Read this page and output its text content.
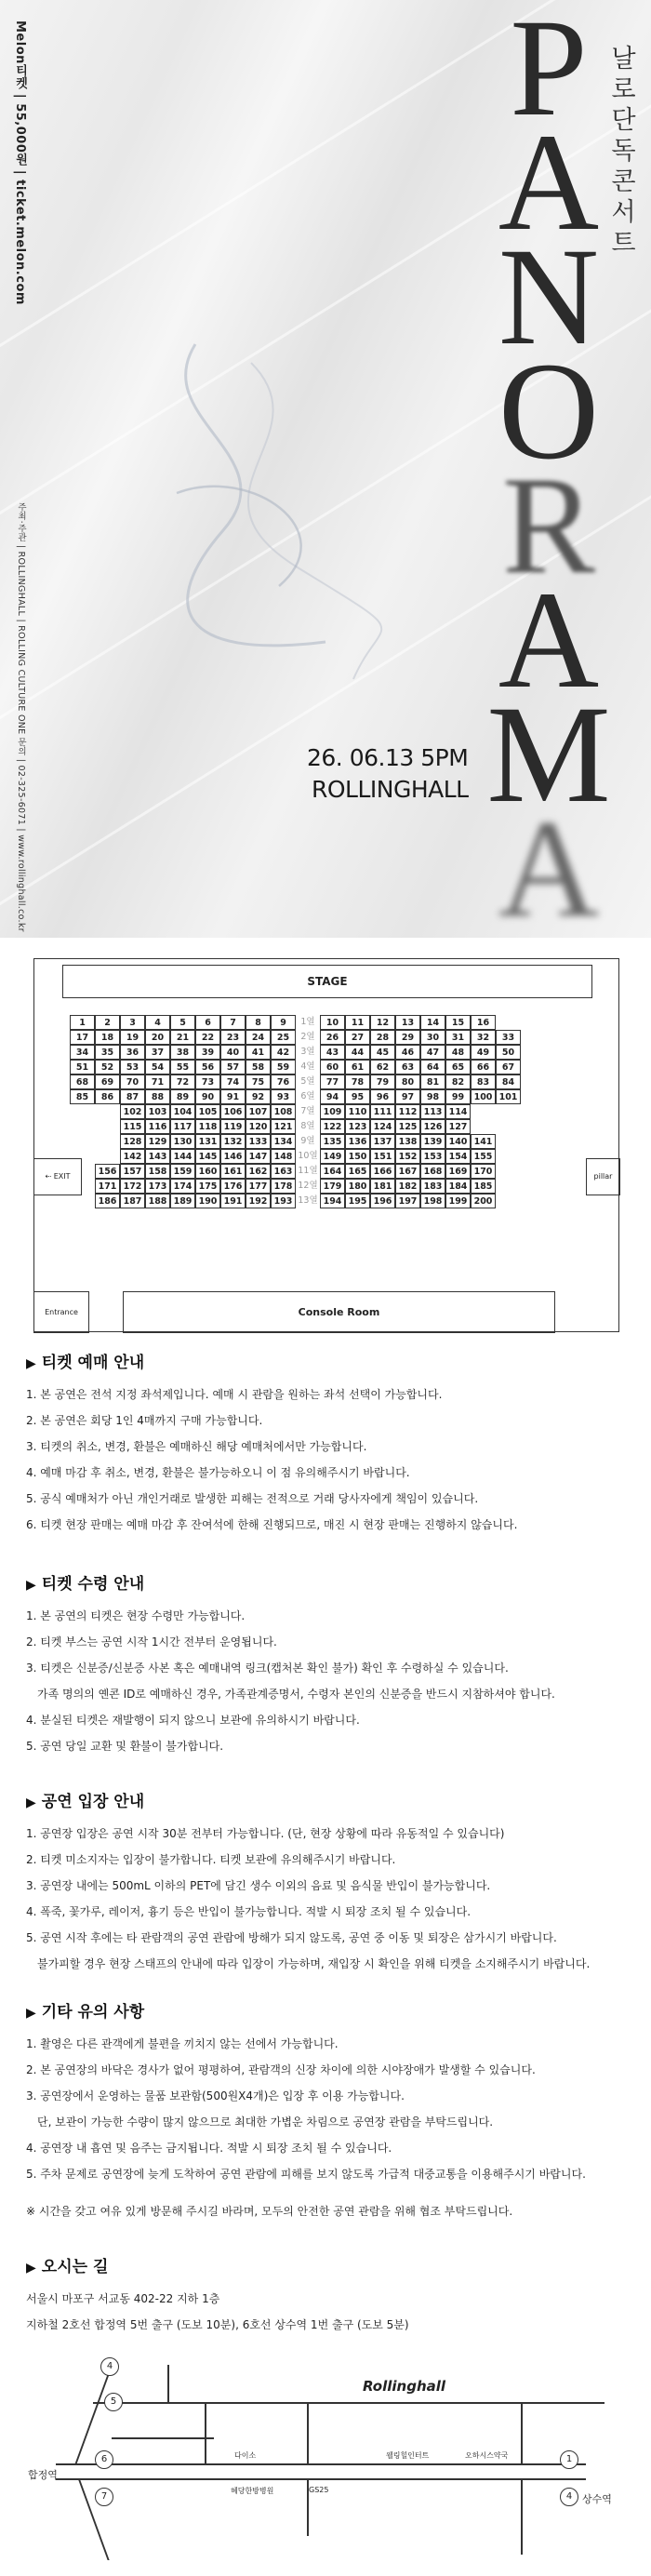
Melon티켓 | 55,000원 | ticket.melon.com
주최·주관 | ROLLINGHALL | ROLLING CULTURE ONE 문의 | 02-325-6071 | www.rollinghall.co.kr
날로단독콘서트
P
A
N
O
R
A
M
A
26. 06.13 5PM
ROLLINGHALL
STAGE
1	2	3	4	5	6	7	8	9	1열	10	11	12	13	14	15	16
17	18	19	20	21	22	23	24	25	2열	26	27	28	29	30	31	32	33
34	35	36	37	38	39	40	41	42	3열	43	44	45	46	47	48	49	50
51	52	53	54	55	56	57	58	59	4열	60	61	62	63	64	65	66	67
68	69	70	71	72	73	74	75	76	5열	77	78	79	80	81	82	83	84
85	86	87	88	89	90	91	92	93	6열	94	95	96	97	98	99	100 101
102 103 104 105 106 107 108 7열 109 110 111 112 113 114
115 116 117 118 119 120 121 8열 122 123 124 125 126 127
128 129 130 131 132 133 134 9열 135 136 137 138 139 140 141
142 143 144 145 146 147 148 10열 149 150 151 152 153 154 155
156 157 158 159 160 161 162 163 11열 164 165 166 167 168 169 170
171 172 173 174 175 176 177 178 12열 179 180 181 182 183 184 185
186 187 188 189 190 191 192 193 13열 194 195 196 197 198 199 200
⇠ EXIT	pillar
Entrance	Console Room
▶ 티켓 예매 안내

1. 본 공연은 전석 지정 좌석제입니다. 예매 시 관람을 원하는 좌석 선택이 가능합니다.

2. 본 공연은 회당 1인 4매까지 구매 가능합니다.

3. 티켓의 취소, 변경, 환불은 예매하신 해당 예매처에서만 가능합니다.

4. 예매 마감 후 취소, 변경, 환불은 불가능하오니 이 점 유의해주시기 바랍니다.

5. 공식 예매처가 아닌 개인거래로 발생한 피해는 전적으로 거래 당사자에게 책임이 있습니다.

6. 티켓 현장 판매는 예매 마감 후 잔여석에 한해 진행되므로, 매진 시 현장 판매는 진행하지 않습니다.

▶ 티켓 수령 안내

1. 본 공연의 티켓은 현장 수령만 가능합니다.

2. 티켓 부스는 공연 시작 1시간 전부터 운영됩니다.

3. 티켓은 신분증/신분증 사본 혹은 예매내역 링크(캡처본 확인 불가) 확인 후 수령하실 수 있습니다.

가족 명의의 옌콘 ID로 예매하신 경우, 가족관계증명서, 수령자 본인의 신분증을 반드시 지참하셔야 합니다.

4. 분실된 티켓은 재발행이 되지 않으니 보관에 유의하시기 바랍니다.

5. 공연 당일 교환 및 환불이 불가합니다.

▶ 공연 입장 안내

1. 공연장 입장은 공연 시작 30분 전부터 가능합니다. (단, 현장 상황에 따라 유동적일 수 있습니다)

2. 티켓 미소지자는 입장이 불가합니다. 티켓 보관에 유의해주시기 바랍니다.

3. 공연장 내에는 500mL 이하의 PET에 담긴 생수 이외의 음료 및 음식물 반입이 불가능합니다.

4. 폭죽, 꽃가루, 레이저, 흉기 등은 반입이 불가능합니다. 적발 시 퇴장 조치 될 수 있습니다.

5. 공연 시작 후에는 타 관람객의 공연 관람에 방해가 되지 않도록, 공연 중 이동 및 퇴장은 삼가시기 바랍니다.

불가피할 경우 현장 스태프의 안내에 따라 입장이 가능하며, 재입장 시 확인을 위해 티켓을 소지해주시기 바랍니다.

▶ 기타 유의 사항

1. 촬영은 다른 관객에게 불편을 끼치지 않는 선에서 가능합니다.

2. 본 공연장의 바닥은 경사가 없어 평평하여, 관람객의 신장 차이에 의한 시야장애가 발생할 수 있습니다.

3. 공연장에서 운영하는 물품 보관함(500원X4개)은 입장 후 이용 가능합니다.

단, 보관이 가능한 수량이 많지 않으므로 최대한 가볍운 차림으로 공연장 관람을 부탁드립니다.

4. 공연장 내 흡연 및 음주는 금지됩니다. 적발 시 퇴장 조치 될 수 있습니다.

5. 주차 문제로 공연장에 늦게 도착하여 공연 관람에 피해를 보지 않도록 가급적 대중교통을 이용해주시기 바랍니다.

※ 시간을 갖고 여유 있게 방문해 주시길 바라며, 모두의 안전한 공연 관람을 위해 협조 부탁드립니다.
▶ 오시는 길

서울시 마포구 서교동 402-22 지하 1층

지하철 2호선 합정역 5번 출구 (도보 10분), 6호선 상수역 1번 출구 (도보 5분)

4
5
6
7
1
4
합정역
상수역
Rollinghall
다이소
혜당한방병원	GS25
웰링힐인터트	오하시스약국
